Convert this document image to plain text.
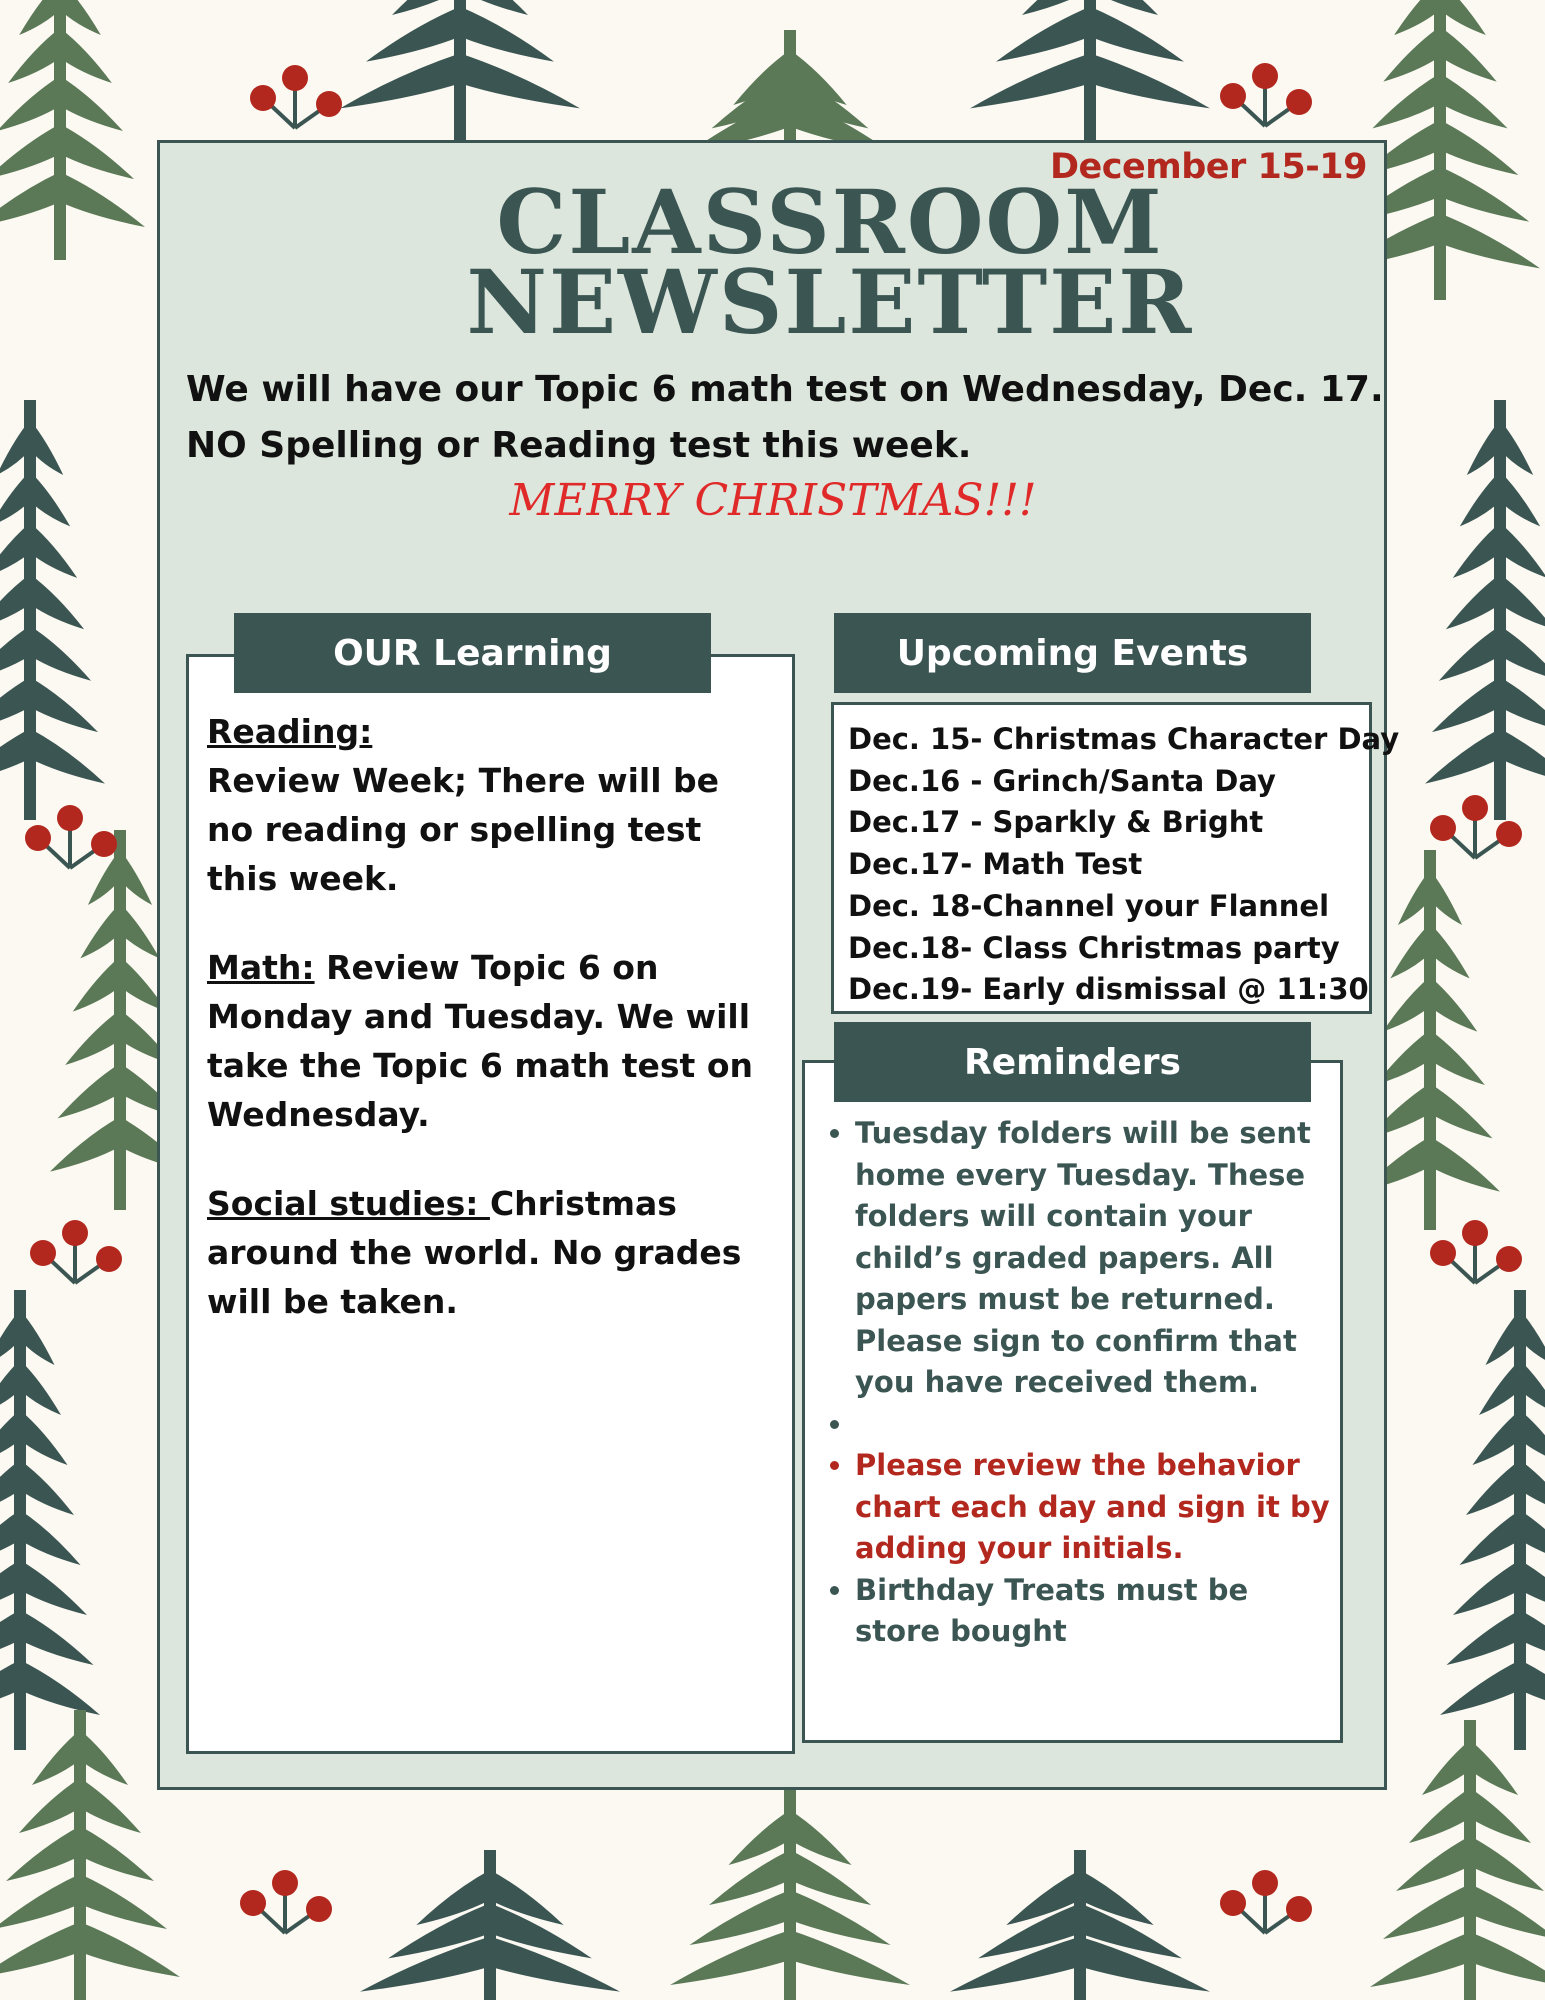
December 15-19
CLASSROOM
NEWSLETTER
We will have our Topic 6 math test on Wednesday, Dec. 17. NO Spelling or Reading test this week.
MERRY CHRISTMAS!!!

Reading:
Review Week; There will be no reading or spelling test this week.

Math: Review Topic 6 on Monday and Tuesday. We will take the Topic 6 math test on Wednesday.

Social studies: Christmas around the world. No grades will be taken.

OUR Learning	Upcoming Events
Dec. 15- Christmas Character Day
Dec.16 - Grinch/Santa Day
Dec.17 - Sparkly & Bright
Dec.17- Math Test
Dec. 18-Channel your Flannel
Dec.18- Class Christmas party
Dec.19- Early dismissal @ 11:30
• Tuesday folders will be sent home every Tuesday. These folders will contain your child’s graded papers. All papers must be returned. Please sign to confirm that you have received them.
•
• Please review the behavior chart each day and sign it by adding your initials.
• Birthday Treats must be store bought
Reminders
